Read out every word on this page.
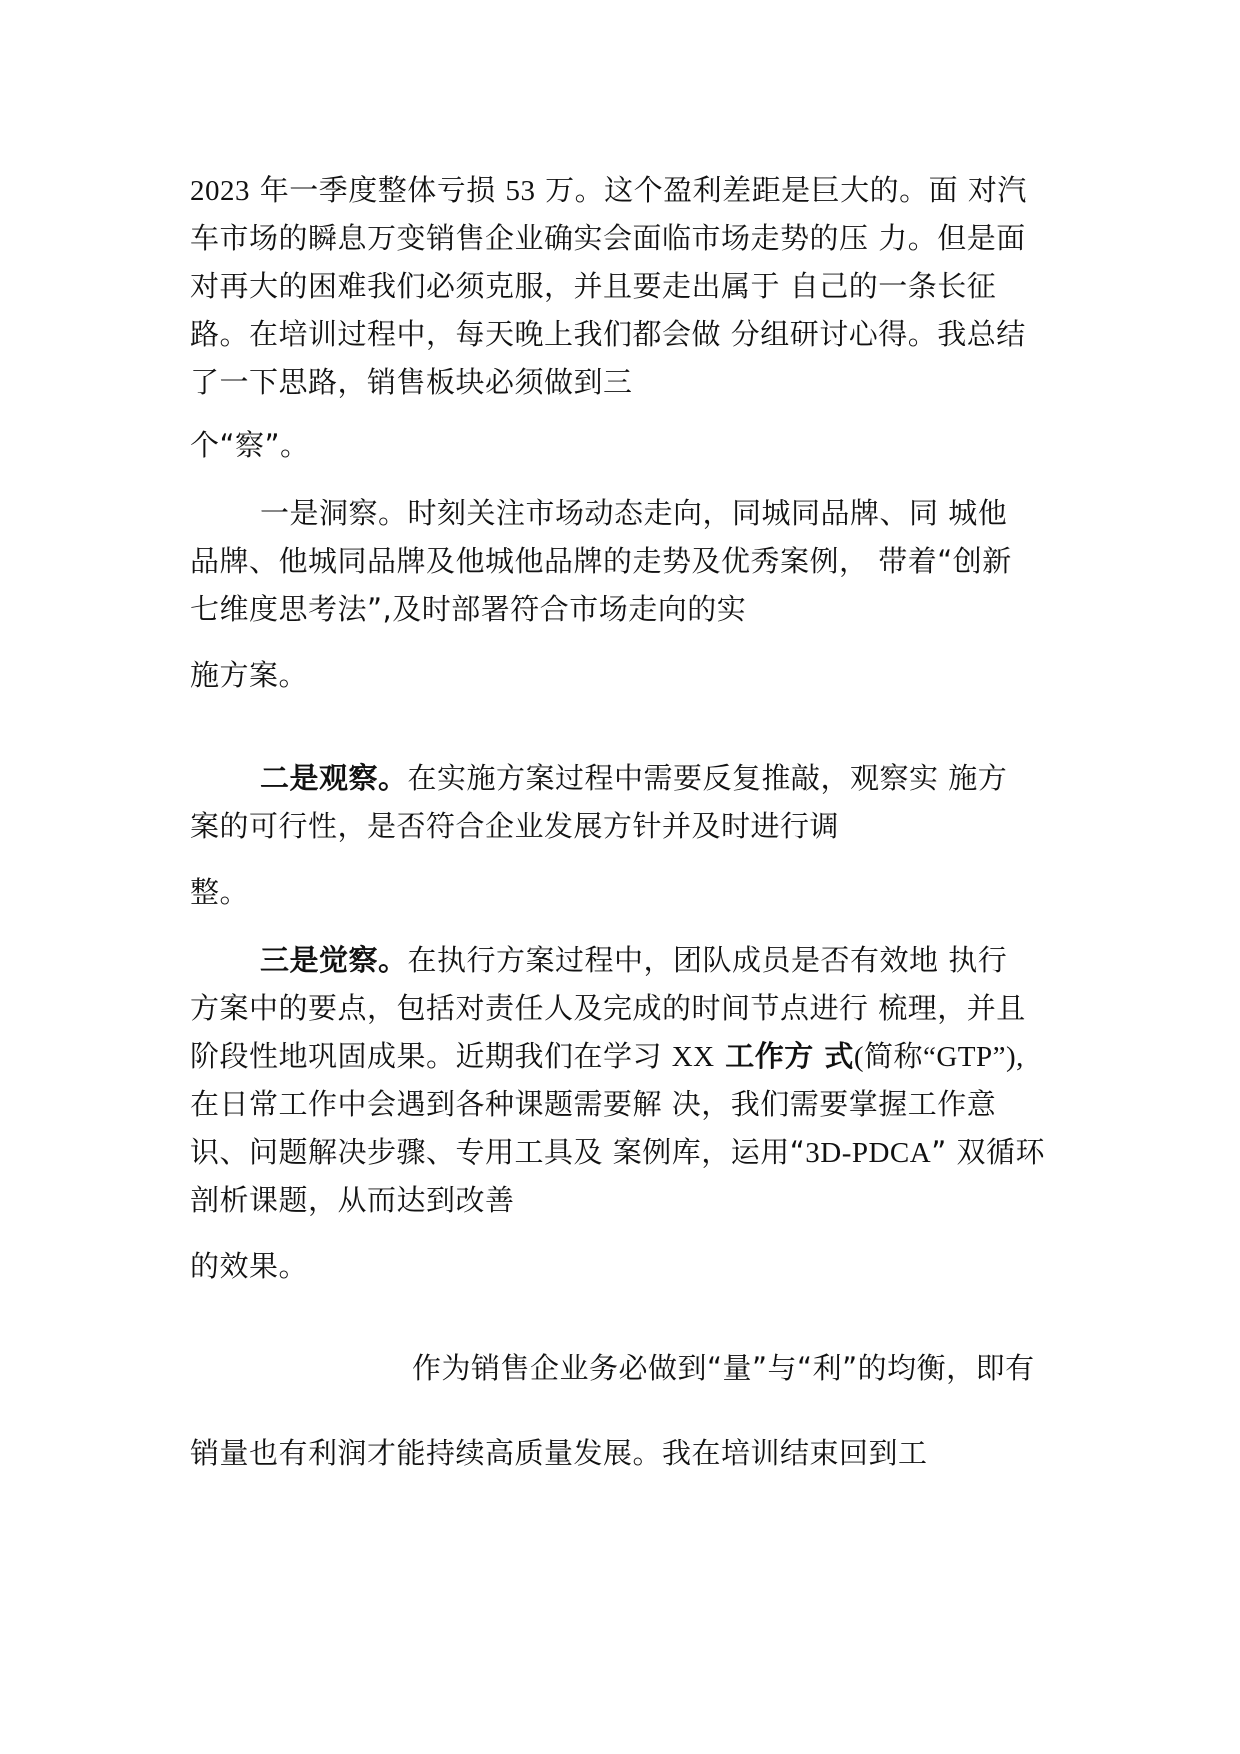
2023 年一季度整体亏损 53 万。这个盈利差距是巨大的。面 对汽
车市场的瞬息万变销售企业确实会面临市场走势的压 力。但是面
对再大的困难我们必须克服，并且要走出属于 自己的一条长征
路。在培训过程中，每天晚上我们都会做 分组研讨心得。我总结
了一下思路，销售板块必须做到三
个“察”。
一是洞察。时刻关注市场动态走向，同城同品牌、同 城他
品牌、他城同品牌及他城他品牌的走势及优秀案例， 带着“创新
七维度思考法”,及时部署符合市场走向的实
施方案。
二是观察。在实施方案过程中需要反复推敲，观察实 施方
案的可行性，是否符合企业发展方针并及时进行调
整。
三是觉察。在执行方案过程中，团队成员是否有效地 执行
方案中的要点，包括对责任人及完成的时间节点进行 梳理，并且
阶段性地巩固成果。近期我们在学习 XX 工作方 式(简称“GTP”),
在日常工作中会遇到各种课题需要解 决，我们需要掌握工作意
识、问题解决步骤、专用工具及 案例库，运用“3D-PDCA” 双循环
剖析课题，从而达到改善
的效果。
作为销售企业务必做到“量”与“利”的均衡，即有
销量也有利润才能持续高质量发展。我在培训结束回到工
